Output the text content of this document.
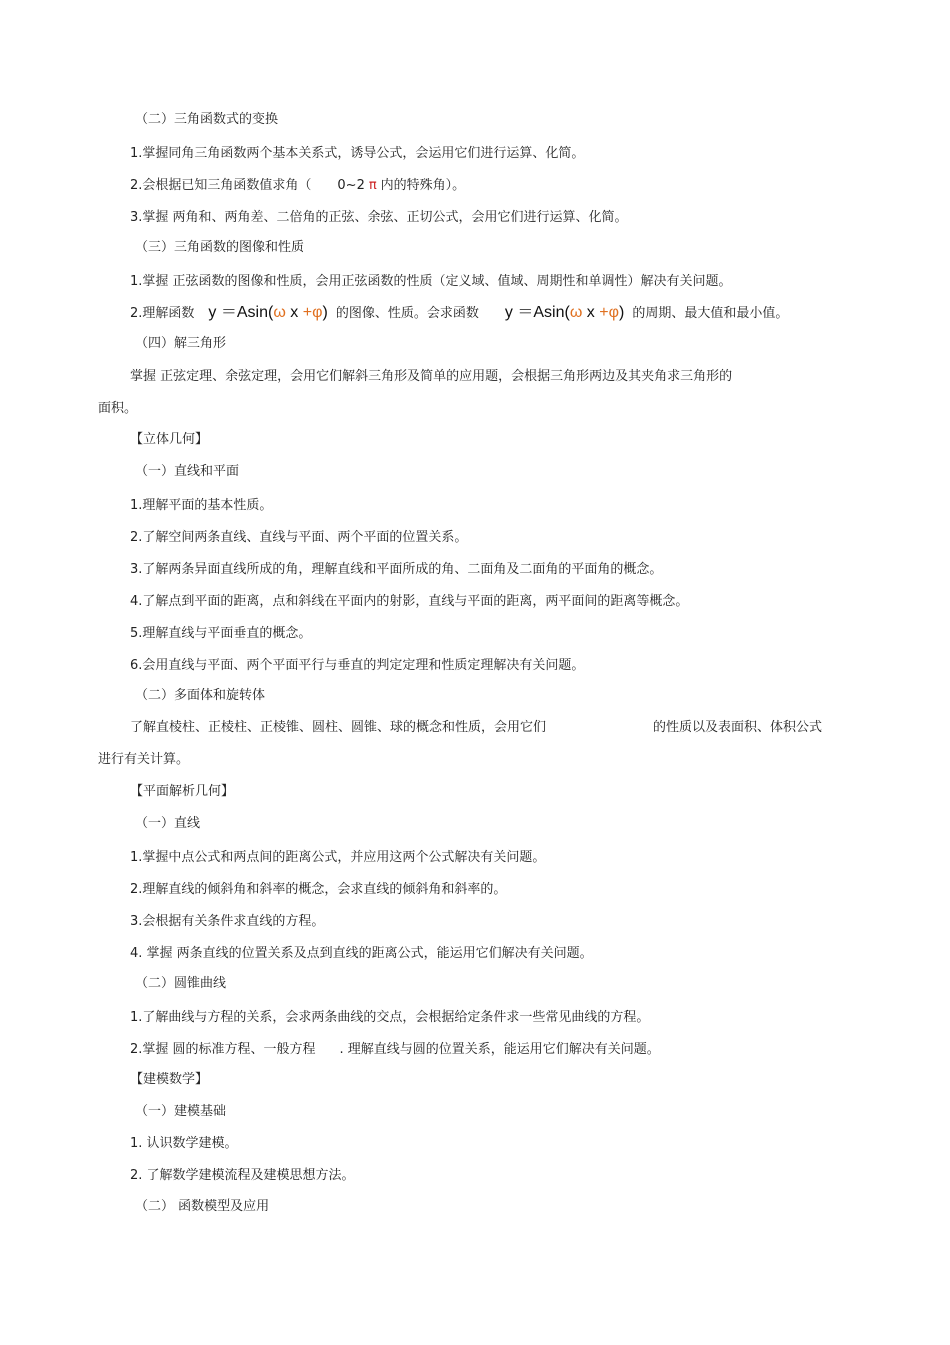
（二）三角函数式的变换
1.掌握同角三角函数两个基本关系式，诱导公式，会运用它们进行运算、化简。
2.会根据已知三角函数值求角（ 0~2 π 内的特殊角）。
3.掌握 两角和、两角差、二倍角的正弦、余弦、正切公式，会用它们进行运算、化简。
（三）三角函数的图像和性质
1.掌握 正弦函数的图像和性质，会用正弦函数的性质（定义域、值域、周期性和单调性）解决有关问题。
2.理解函数 y ＝Asin(ω x +φ) 的图像、性质。会求函数 y ＝Asin(ω x +φ) 的周期、最大值和最小值。
（四）解三角形
掌握 正弦定理、余弦定理，会用它们解斜三角形及简单的应用题，会根据三角形两边及其夹角求三角形的
面积。
【立体几何】
（一）直线和平面
1.理解平面的基本性质。
2.了解空间两条直线、直线与平面、两个平面的位置关系。
3.了解两条异面直线所成的角，理解直线和平面所成的角、二面角及二面角的平面角的概念。
4.了解点到平面的距离，点和斜线在平面内的射影，直线与平面的距离，两平面间的距离等概念。
5.理解直线与平面垂直的概念。
6.会用直线与平面、两个平面平行与垂直的判定定理和性质定理解决有关问题。
（二）多面体和旋转体
了解直棱柱、正棱柱、正棱锥、圆柱、圆锥、球的概念和性质，会用它们	的性质以及表面积、体积公式
进行有关计算。
【平面解析几何】
（一）直线
1.掌握中点公式和两点间的距离公式，并应用这两个公式解决有关问题。
2.理解直线的倾斜角和斜率的概念，会求直线的倾斜角和斜率的。
3.会根据有关条件求直线的方程。
4. 掌握 两条直线的位置关系及点到直线的距离公式，能运用它们解决有关问题。
（二）圆锥曲线
1.了解曲线与方程的关系，会求两条曲线的交点，会根据给定条件求一些常见曲线的方程。
2.掌握 圆的标准方程、一般方程 . 理解直线与圆的位置关系，能运用它们解决有关问题。
【建模数学】
（一）建模基础
1. 认识数学建模。
2. 了解数学建模流程及建模思想方法。
（二） 函数模型及应用
